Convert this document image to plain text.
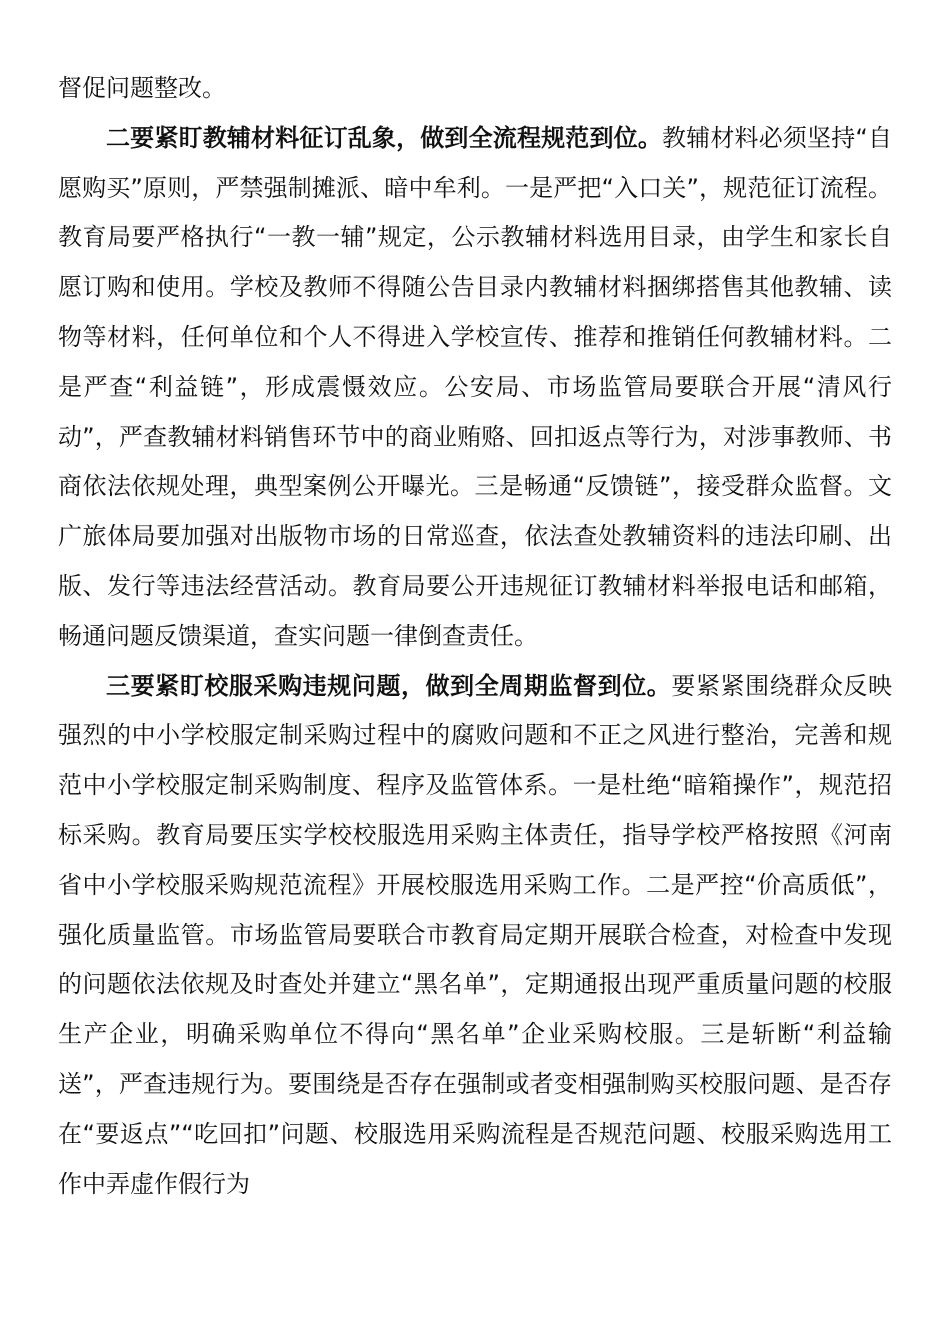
督促问题整改。

二要紧盯教辅材料征订乱象，做到全流程规范到位。教辅材料必须坚持“自愿购买”原则，严禁强制摊派、暗中牟利。一是严把“入口关”，规范征订流程。教育局要严格执行“一教一辅”规定，公示教辅材料选用目录，由学生和家长自愿订购和使用。学校及教师不得随公告目录内教辅材料捆绑搭售其他教辅、读物等材料，任何单位和个人不得进入学校宣传、推荐和推销任何教辅材料。二是严查“利益链”，形成震慑效应。公安局、市场监管局要联合开展“清风行动”，严查教辅材料销售环节中的商业贿赂、回扣返点等行为，对涉事教师、书商依法依规处理，典型案例公开曝光。三是畅通“反馈链”，接受群众监督。文广旅体局要加强对出版物市场的日常巡查，依法查处教辅资料的违法印刷、出版、发行等违法经营活动。教育局要公开违规征订教辅材料举报电话和邮箱，畅通问题反馈渠道，查实问题一律倒查责任。

三要紧盯校服采购违规问题，做到全周期监督到位。要紧紧围绕群众反映强烈的中小学校服定制采购过程中的腐败问题和不正之风进行整治，完善和规范中小学校服定制采购制度、程序及监管体系。一是杜绝“暗箱操作”，规范招标采购。教育局要压实学校校服选用采购主体责任，指导学校严格按照《河南省中小学校服采购规范流程》开展校服选用采购工作。二是严控“价高质低”，强化质量监管。市场监管局要联合市教育局定期开展联合检查，对检查中发现的问题依法依规及时查处并建立“黑名单”，定期通报出现严重质量问题的校服生产企业，明确采购单位不得向“黑名单”企业采购校服。三是斩断“利益输送”，严查违规行为。要围绕是否存在强制或者变相强制购买校服问题、是否存在“要返点”“吃回扣”问题、校服选用采购流程是否规范问题、校服采购选用工作中弄虚作假行为
